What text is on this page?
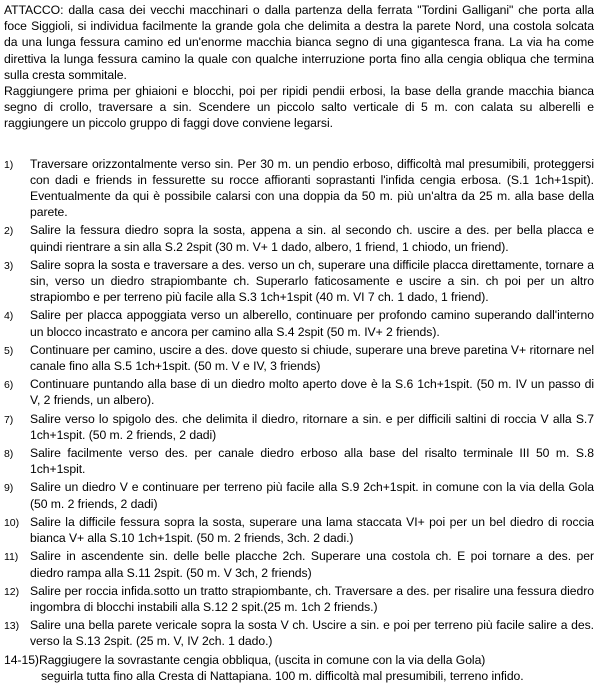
ATTACCO: dalla casa dei vecchi macchinari o dalla partenza della ferrata "Tordini Galligani" che porta alla foce Siggioli, si individua facilmente la grande gola che delimita a destra la parete Nord, una costola solcata da una lunga fessura camino ed un'enorme macchia bianca segno di una gigantesca frana. La via ha come direttiva la lunga fessura camino la quale con qualche interruzione porta fino alla cengia obliqua che termina sulla cresta sommitale.

Raggiungere prima per ghiaioni e blocchi, poi per ripidi pendii erbosi, la base della grande macchia bianca segno di crollo, traversare a sin. Scendere un piccolo salto verticale di 5 m. con calata su alberelli e raggiungere un piccolo gruppo di faggi dove conviene legarsi.

1)	Traversare orizzontalmente verso sin. Per 30 m. un pendio erboso, difficoltà mal presumibili, proteggersi con dadi e friends in fessurette su rocce affioranti soprastanti l'infida cengia erbosa. (S.1 1ch+1spit). Eventualmente da qui è possibile calarsi con una doppia da 50 m. più un'altra da 25 m. alla base della parete.
2)	Salire la fessura diedro sopra la sosta, appena a sin. al secondo ch. uscire a des. per bella placca e quindi rientrare a sin alla S.2 2spit (30 m. V+ 1 dado, albero, 1 friend, 1 chiodo, un friend).
3)	Salire sopra la sosta e traversare a des. verso un ch, superare una difficile placca direttamente, tornare a sin, verso un diedro strapiombante ch. Superarlo faticosamente e uscire a sin. ch poi per un altro strapiombo e per terreno più facile alla S.3 1ch+1spit (40 m. VI 7 ch. 1 dado, 1 friend).
4)	Salire per placca appoggiata verso un alberello, continuare per profondo camino superando dall'interno un blocco incastrato e ancora per camino alla S.4 2spit (50 m. IV+ 2 friends).
5)	Continuare per camino, uscire a des. dove questo si chiude, superare una breve paretina V+ ritornare nel canale fino alla S.5 1ch+1spit. (50 m. V e IV, 3 friends)
6)	Continuare puntando alla base di un diedro molto aperto dove è la S.6 1ch+1spit. (50 m. IV un passo di V, 2 friends, un albero).
7)	Salire verso lo spigolo des. che delimita il diedro, ritornare a sin. e per difficili saltini di roccia V alla S.7 1ch+1spit. (50 m. 2 friends, 2 dadi)
8)	Salire facilmente verso des. per canale diedro erboso alla base del risalto terminale III 50 m. S.8 1ch+1spit.
9)	Salire un diedro V e continuare per terreno più facile alla S.9 2ch+1spit. in comune con la via della Gola (50 m. 2 friends, 2 dadi)
10) Salire la difficile fessura sopra la sosta, superare una lama staccata VI+ poi per un bel diedro di roccia bianca V+ alla S.10 1ch+1spit. (50 m. 2 friends, 3ch. 2 dadi.)
11) Salire in ascendente sin. delle belle placche 2ch. Superare una costola ch. E poi tornare a des. per diedro rampa alla S.11 2spit. (50 m. V 3ch, 2 friends)
12) Salire per roccia infida.sotto un tratto strapiombante, ch. Traversare a des. per risalire una fessura diedro ingombra di blocchi instabili alla S.12 2 spit.(25 m. 1ch 2 friends.)
13) Salire una bella parete vericale sopra la sosta V ch. Uscire a sin. e poi per terreno più facile salire a des. verso la S.13 2spit. (25 m. V, IV 2ch. 1 dado.)
14-15) Raggiugere la sovrastante cengia obbliqua, (uscita in comune con la via della Gola)
seguirla tutta fino alla Cresta di Nattapiana. 100 m. difficoltà mal presumibili, terreno infido.
